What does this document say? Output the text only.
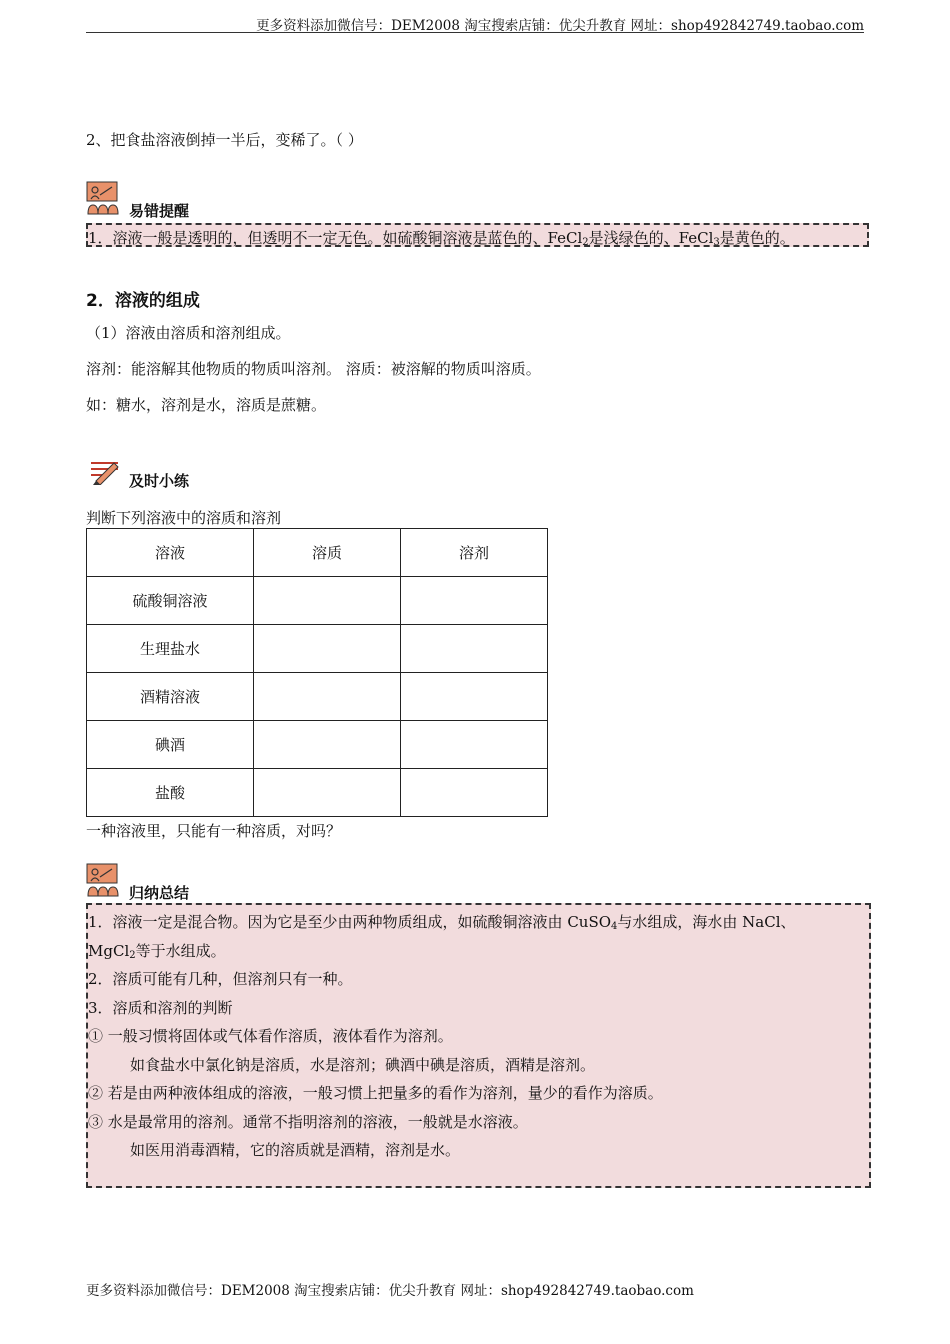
更多资料添加微信号：DEM2008 淘宝搜索店铺：优尖升教育 网址：shop492842749.taobao.com
2、把食盐溶液倒掉一半后，变稀了。（ ）
易错提醒
1．溶液一般是透明的，但透明不一定无色。如硫酸铜溶液是蓝色的、FeCl$_2$是浅绿色的、FeCl$_3$是黄色的。
2．溶液的组成
（1）溶液由溶质和溶剂组成。
溶剂：能溶解其他物质的物质叫溶剂。 溶质：被溶解的物质叫溶质。
如：糖水，溶剂是水，溶质是蔗糖。
及时小练
判断下列溶液中的溶质和溶剂
溶液	溶质	溶剂
硫酸铜溶液		
生理盐水		
酒精溶液		
碘酒		
盐酸		
一种溶液里，只能有一种溶质，对吗？
归纳总结
1．溶液一定是混合物。因为它是至少由两种物质组成，如硫酸铜溶液由 CuSO$_4$与水组成，海水由 NaCl、
MgCl$_2$等于水组成。
2．溶质可能有几种，但溶剂只有一种。
3．溶质和溶剂的判断
① 一般习惯将固体或气体看作溶质，液体看作为溶剂。
如食盐水中氯化钠是溶质，水是溶剂；碘酒中碘是溶质，酒精是溶剂。
② 若是由两种液体组成的溶液，一般习惯上把量多的看作为溶剂，量少的看作为溶质。
③ 水是最常用的溶剂。通常不指明溶剂的溶液，一般就是水溶液。
如医用消毒酒精，它的溶质就是酒精，溶剂是水。
更多资料添加微信号：DEM2008 淘宝搜索店铺：优尖升教育 网址：shop492842749.taobao.com
